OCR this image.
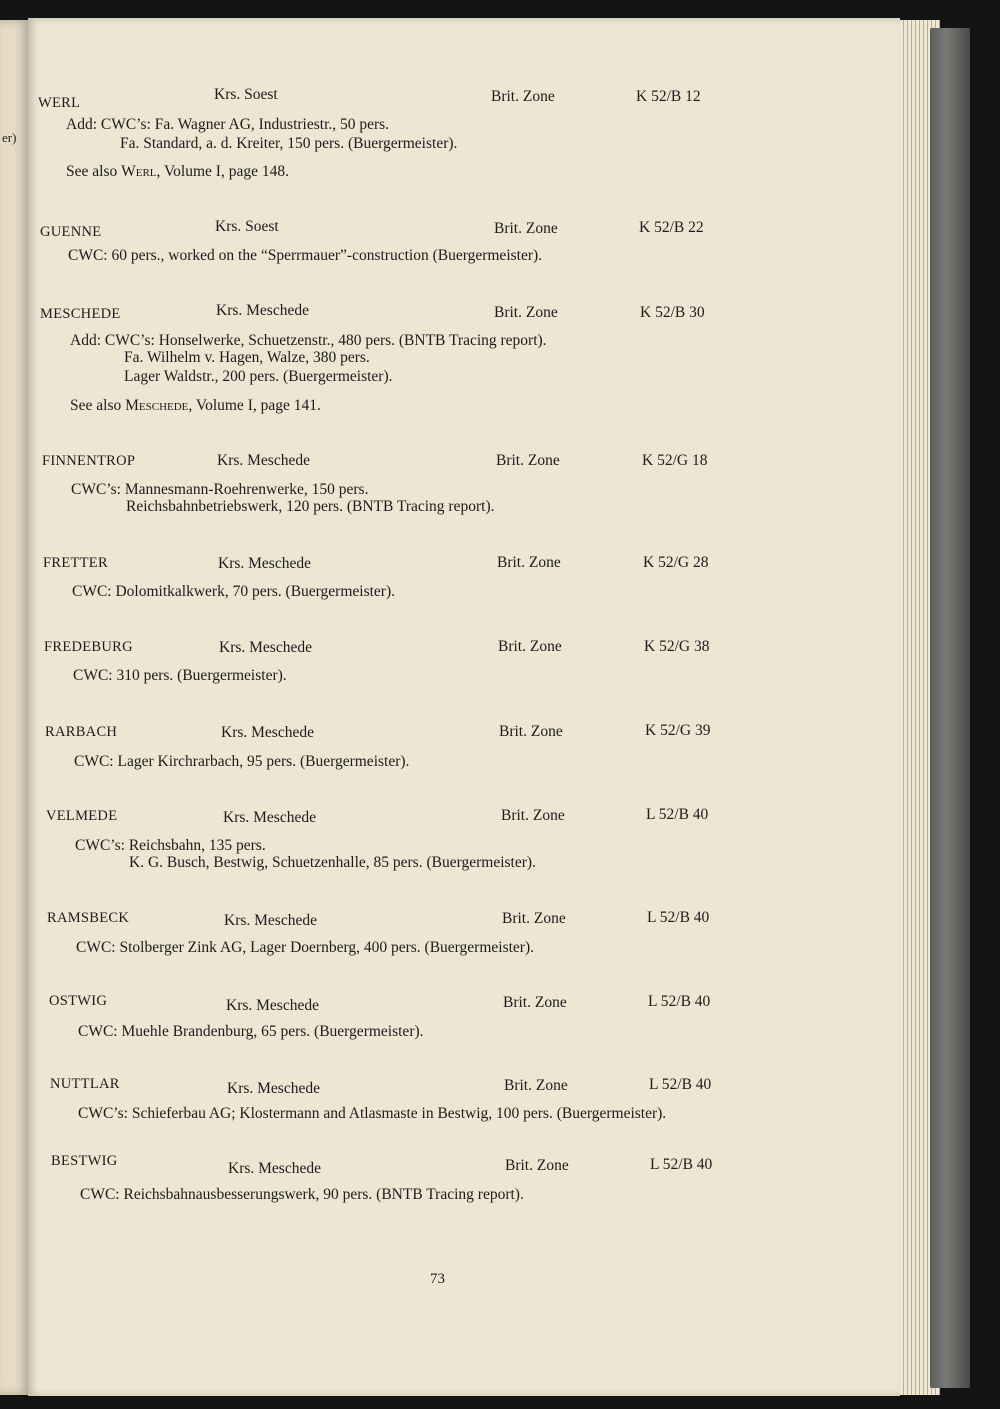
er)
WERL	Krs. Soest	Brit. Zone	K 52/B 12
Add: CWC’s: Fa. Wagner AG, Industriestr., 50 pers.
Fa. Standard, a. d. Kreiter, 150 pers. (Buergermeister).
See also Werl, Volume I, page 148.
GUENNE	Krs. Soest	Brit. Zone	K 52/B 22
CWC: 60 pers., worked on the “Sperrmauer”-construction (Buergermeister).
MESCHEDE	Krs. Meschede	Brit. Zone	K 52/B 30
Add: CWC’s: Honselwerke, Schuetzenstr., 480 pers. (BNTB Tracing report).
Fa. Wilhelm v. Hagen, Walze, 380 pers.
Lager Waldstr., 200 pers. (Buergermeister).
See also Meschede, Volume I, page 141.
FINNENTROP	Krs. Meschede	Brit. Zone	K 52/G 18
CWC’s: Mannesmann-Roehrenwerke, 150 pers.
Reichsbahnbetriebswerk, 120 pers. (BNTB Tracing report).
FRETTER	Krs. Meschede	Brit. Zone	K 52/G 28
CWC: Dolomitkalkwerk, 70 pers. (Buergermeister).
FREDEBURG	Krs. Meschede	Brit. Zone	K 52/G 38
CWC: 310 pers. (Buergermeister).
RARBACH	Krs. Meschede	Brit. Zone	K 52/G 39
CWC: Lager Kirchrarbach, 95 pers. (Buergermeister).
VELMEDE	Krs. Meschede	Brit. Zone	L 52/B 40
CWC’s: Reichsbahn, 135 pers.
K. G. Busch, Bestwig, Schuetzenhalle, 85 pers. (Buergermeister).
RAMSBECK	Krs. Meschede	Brit. Zone	L 52/B 40
CWC: Stolberger Zink AG, Lager Doernberg, 400 pers. (Buergermeister).
OSTWIG	Krs. Meschede	Brit. Zone	L 52/B 40
CWC: Muehle Brandenburg, 65 pers. (Buergermeister).
NUTTLAR	Krs. Meschede	Brit. Zone	L 52/B 40
CWC’s: Schieferbau AG; Klostermann and Atlasmaste in Bestwig, 100 pers. (Buergermeister).
BESTWIG	Krs. Meschede	Brit. Zone	L 52/B 40
CWC: Reichsbahnausbesserungswerk, 90 pers. (BNTB Tracing report).
73
